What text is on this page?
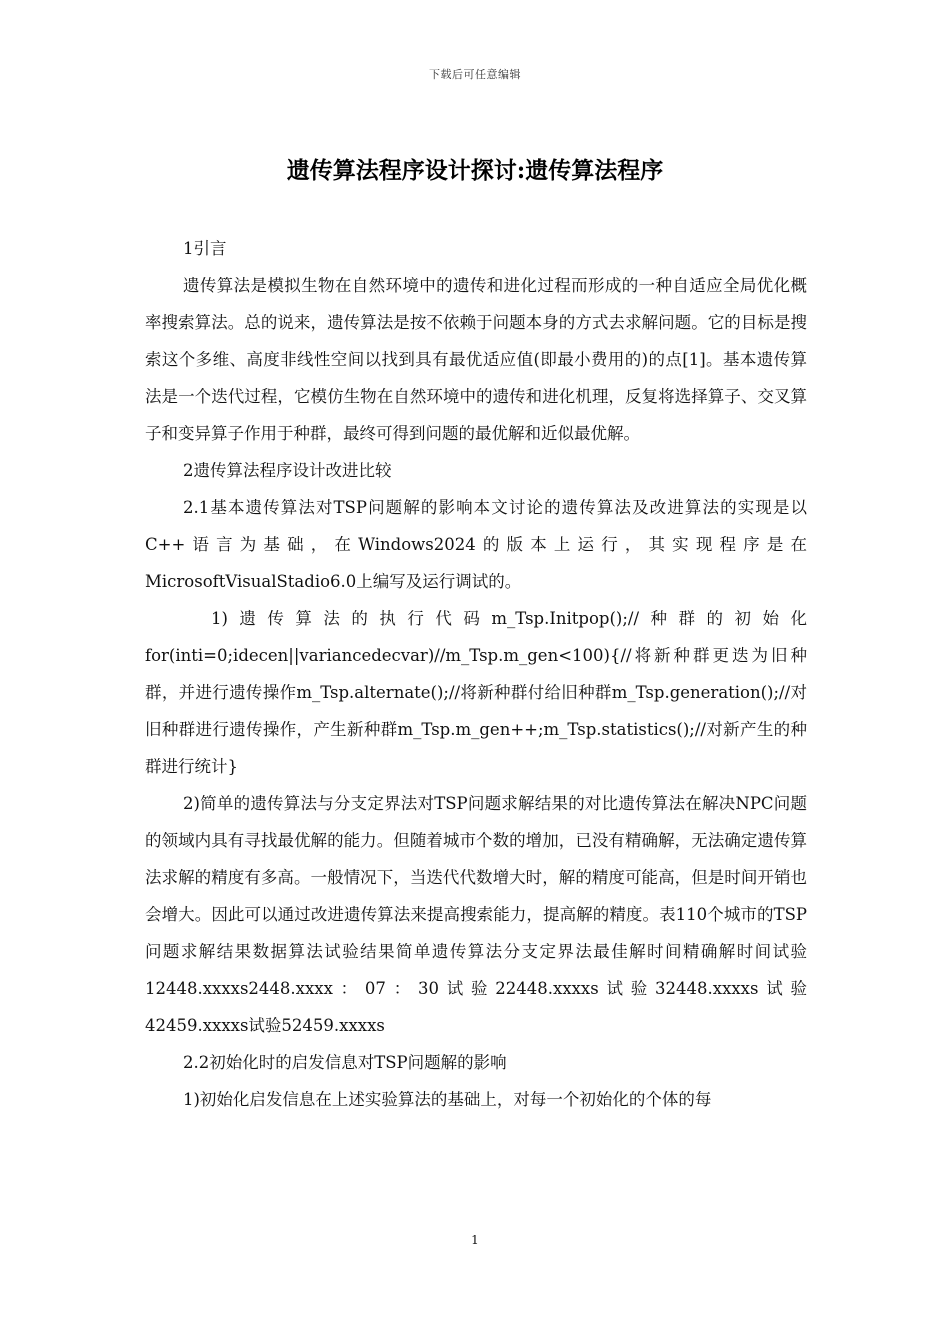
下载后可任意编辑
遗传算法程序设计探讨:遗传算法程序

1引言

遗传算法是模拟生物在自然环境中的遗传和进化过程而形成的一种自适应全局优化概率搜索算法。总的说来，遗传算法是按不依赖于问题本身的方式去求解问题。它的目标是搜索这个多维、高度非线性空间以找到具有最优适应值(即最小费用的)的点[1]。基本遗传算法是一个迭代过程，它模仿生物在自然环境中的遗传和进化机理，反复将选择算子、交叉算子和变异算子作用于种群，最终可得到问题的最优解和近似最优解。

2遗传算法程序设计改进比较

2.1基本遗传算法对TSP问题解的影响本文讨论的遗传算法及改进算法的实现是以C++语言为基础，在Windows2024的版本上运行，其实现程序是在MicrosoftVisualStadio6.0上编写及运行调试的。

1)遗传算法的执行代码m_Tsp.Initpop();//种群的初始化for(inti=0;idecen||variancedecvar)//m_Tsp.m_gen<100){//将新种群更迭为旧种群，并进行遗传操作m_Tsp.alternate();//将新种群付给旧种群m_Tsp.generation();//对旧种群进行遗传操作，产生新种群m_Tsp.m_gen++;m_Tsp.statistics();//对新产生的种群进行统计}

2)简单的遗传算法与分支定界法对TSP问题求解结果的对比遗传算法在解决NPC问题的领域内具有寻找最优解的能力。但随着城市个数的增加，已没有精确解，无法确定遗传算法求解的精度有多高。一般情况下，当迭代代数增大时，解的精度可能高，但是时间开销也会增大。因此可以通过改进遗传算法来提高搜索能力，提高解的精度。表110个城市的TSP问题求解结果数据算法试验结果简单遗传算法分支定界法最佳解时间精确解时间试验12448.xxxxs2448.xxxx：07：30试验22448.xxxxs试验32448.xxxxs试验42459.xxxxs试验52459.xxxxs

2.2初始化时的启发信息对TSP问题解的影响

1)初始化启发信息在上述实验算法的基础上，对每一个初始化的个体的每

1
